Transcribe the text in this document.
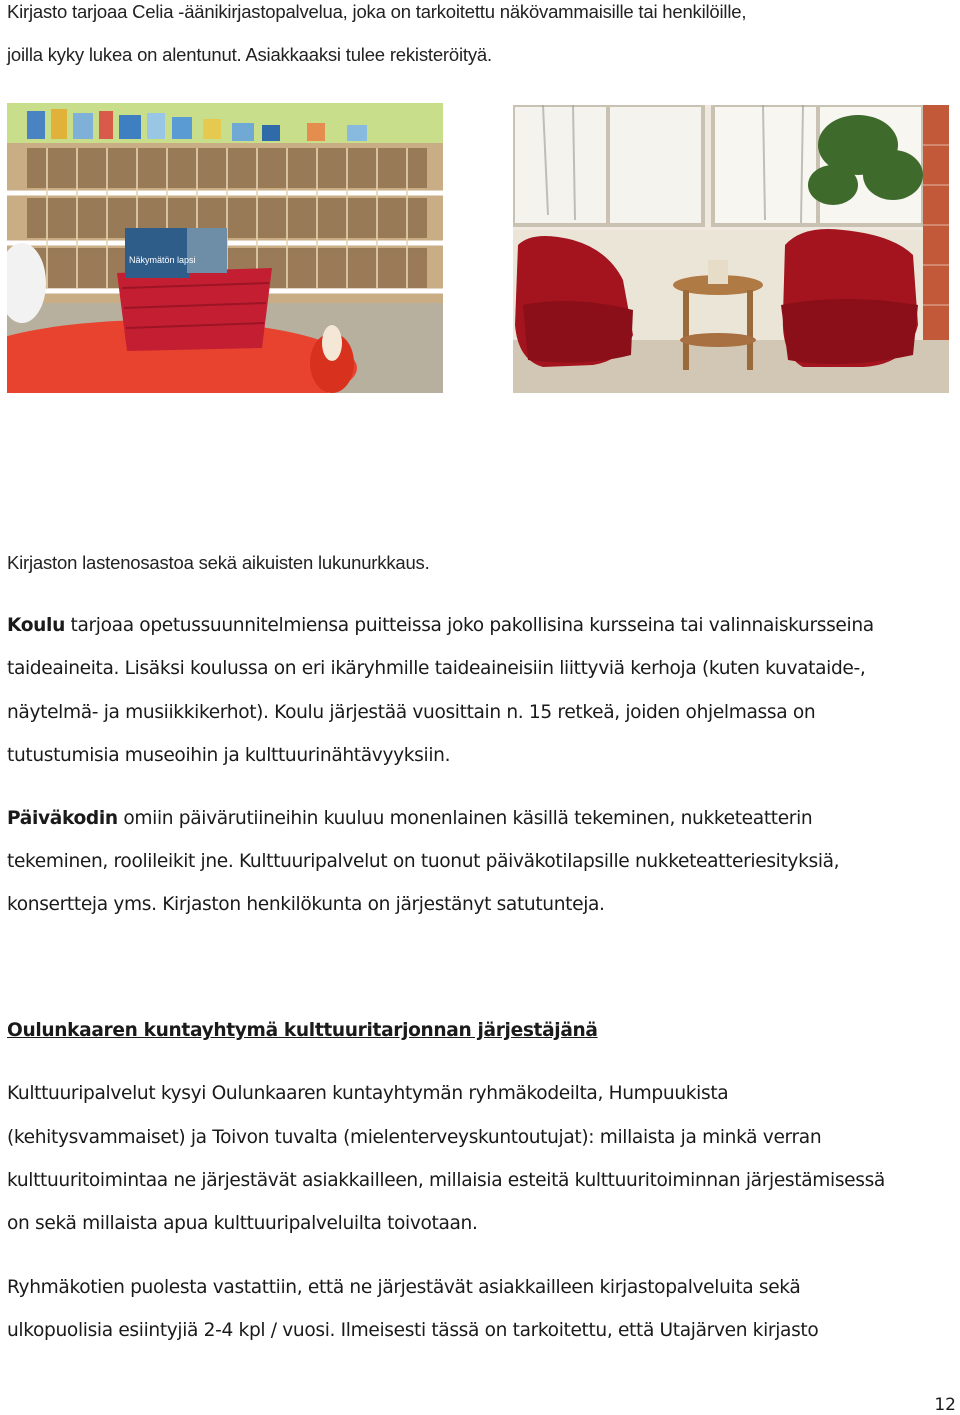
Kirjasto tarjoaa Celia -äänikirjastopalvelua, joka on tarkoitettu näkövammaisille tai henkilöille,
joilla kyky lukea on alentunut. Asiakkaaksi tulee rekisteröityä.
Näkymätön lapsi
Kirjaston lastenosastoa sekä aikuisten lukunurkkaus.
Koulu tarjoaa opetussuunnitelmiensa puitteissa joko pakollisina kursseina tai valinnaiskursseina
taideaineita. Lisäksi koulussa on eri ikäryhmille taideaineisiin liittyviä kerhoja (kuten kuvataide-,
näytelmä- ja musiikkikerhot). Koulu järjestää vuosittain n. 15 retkeä, joiden ohjelmassa on
tutustumisia museoihin ja kulttuurinähtävyyksiin.
Päiväkodin omiin päivärutiineihin kuuluu monenlainen käsillä tekeminen, nukketeatterin
tekeminen, roolileikit jne. Kulttuuripalvelut on tuonut päiväkotilapsille nukketeatteriesityksiä,
konsertteja yms. Kirjaston henkilökunta on järjestänyt satutunteja.
Oulunkaaren kuntayhtymä kulttuuritarjonnan järjestäjänä
Kulttuuripalvelut kysyi Oulunkaaren kuntayhtymän ryhmäkodeilta, Humpuukista
(kehitysvammaiset) ja Toivon tuvalta (mielenterveyskuntoutujat): millaista ja minkä verran
kulttuuritoimintaa ne järjestävät asiakkailleen, millaisia esteitä kulttuuritoiminnan järjestämisessä
on sekä millaista apua kulttuuripalveluilta toivotaan.
Ryhmäkotien puolesta vastattiin, että ne järjestävät asiakkailleen kirjastopalveluita sekä
ulkopuolisia esiintyjiä 2-4 kpl / vuosi. Ilmeisesti tässä on tarkoitettu, että Utajärven kirjasto
12
